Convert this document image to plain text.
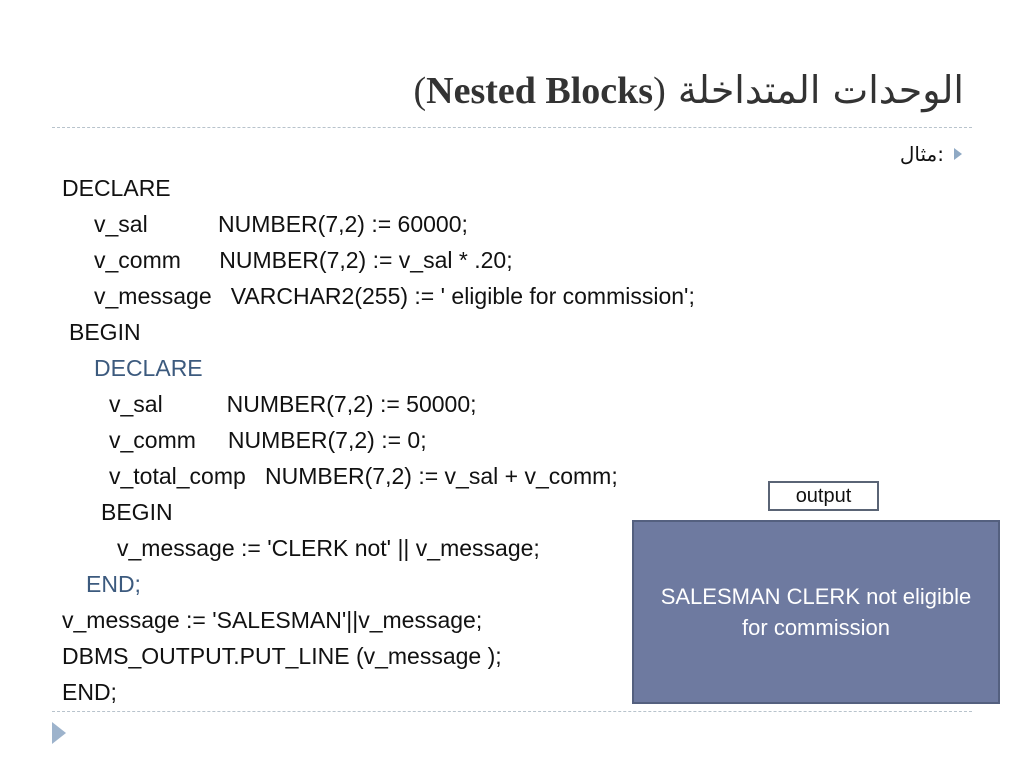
(Nested Blocks) الوحدات المتداخلة
مثال:
DECLARE
v_sal           NUMBER(7,2) := 60000;
v_comm      NUMBER(7,2) := v_sal * .20;
v_message   VARCHAR2(255) := ' eligible for commission';
BEGIN
DECLARE
v_sal          NUMBER(7,2) := 50000;
v_comm     NUMBER(7,2) := 0;
v_total_comp   NUMBER(7,2) := v_sal + v_comm;
BEGIN
v_message := 'CLERK not' || v_message;
END;
v_message := 'SALESMAN'||v_message;
DBMS_OUTPUT.PUT_LINE (v_message );
END;
output
SALESMAN CLERK not eligible for commission
